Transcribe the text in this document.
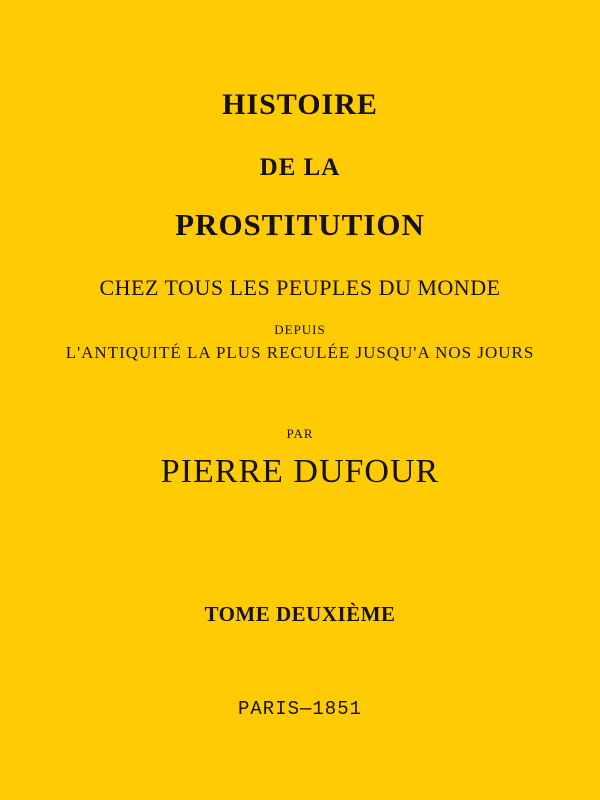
HISTOIRE
DE LA
PROSTITUTION
CHEZ TOUS LES PEUPLES DU MONDE
DEPUIS
L'ANTIQUITÉ LA PLUS RECULÉE JUSQU'A NOS JOURS
PAR
PIERRE DUFOUR
TOME DEUXIÈME
PARIS—1851
